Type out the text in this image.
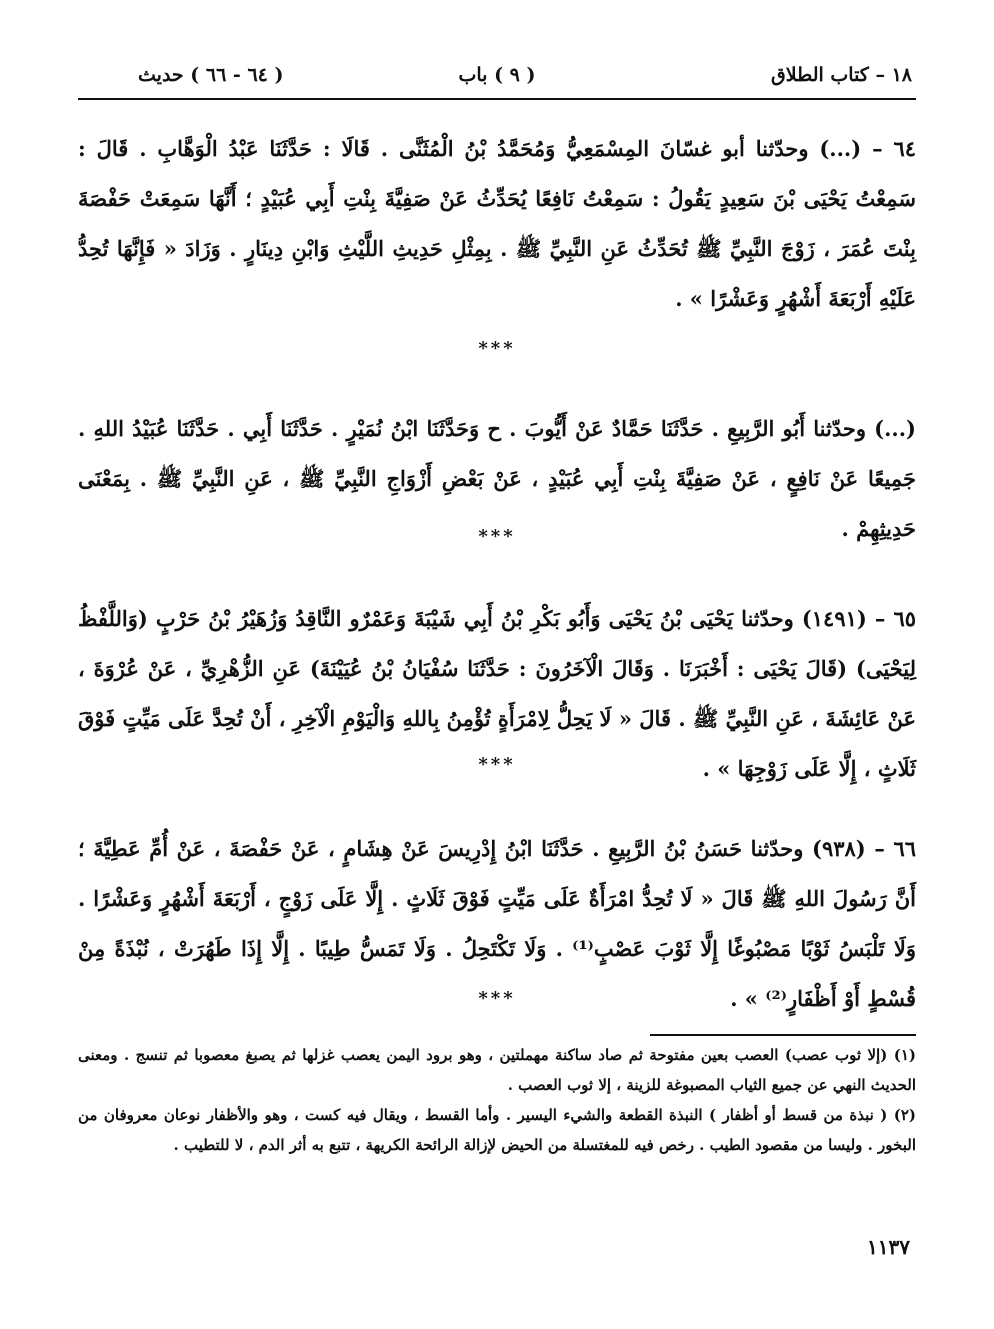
١٨ – كتاب الطلاق
( ٩ ) باب
( ٦٤ - ٦٦ ) حديث
٦٤ – (...) وحدّثنا أبو غسّانَ المِسْمَعِيُّ وَمُحَمَّدُ بْنُ الْمُثَنَّى . قَالَا : حَدَّثَنَا عَبْدُ الْوَهَّابِ . قَالَ : سَمِعْتُ يَحْيَى بْنَ سَعِيدٍ يَقُولُ : سَمِعْتُ نَافِعًا يُحَدِّثُ عَنْ صَفِيَّةَ بِنْتِ أَبِي عُبَيْدٍ ؛ أَنَّهَا سَمِعَتْ حَفْصَةَ بِنْتَ عُمَرَ ، زَوْجَ النَّبِيِّ ﷺ تُحَدِّثُ عَنِ النَّبِيِّ ﷺ . بِمِثْلِ حَدِيثِ اللَّيْثِ وَابْنِ دِينَارٍ . وَزَادَ « فَإِنَّهَا تُحِدُّ عَلَيْهِ أَرْبَعَةَ أَشْهُرٍ وَعَشْرًا » .
***
(...) وحدّثنا أَبُو الرَّبِيعِ . حَدَّثَنَا حَمَّادٌ عَنْ أَيُّوبَ . ح وَحَدَّثَنَا ابْنُ نُمَيْرٍ . حَدَّثَنَا أَبِي . حَدَّثَنَا عُبَيْدُ اللهِ . جَمِيعًا عَنْ نَافِعٍ ، عَنْ صَفِيَّةَ بِنْتِ أَبِي عُبَيْدٍ ، عَنْ بَعْضِ أَزْوَاجِ النَّبِيِّ ﷺ ، عَنِ النَّبِيِّ ﷺ . بِمَعْنَى حَدِيثِهِمْ .
***
٦٥ – (١٤٩١) وحدّثنا يَحْيَى بْنُ يَحْيَى وَأَبُو بَكْرِ بْنُ أَبِي شَيْبَةَ وَعَمْرٌو النَّاقِدُ وَزُهَيْرُ بْنُ حَرْبٍ (وَاللَّفْظُ لِيَحْيَى) (قَالَ يَحْيَى : أَخْبَرَنَا . وَقَالَ الْآخَرُونَ : حَدَّثَنَا سُفْيَانُ بْنُ عُيَيْنَةَ) عَنِ الزُّهْرِيِّ ، عَنْ عُرْوَةَ ، عَنْ عَائِشَةَ ، عَنِ النَّبِيِّ ﷺ . قَالَ « لَا يَحِلُّ لِامْرَأَةٍ تُؤْمِنُ بِاللهِ وَالْيَوْمِ الْآخِرِ ، أَنْ تُحِدَّ عَلَى مَيِّتٍ فَوْقَ ثَلَاثٍ ، إِلَّا عَلَى زَوْجِهَا » .
***
٦٦ – (٩٣٨) وحدّثنا حَسَنُ بْنُ الرَّبِيعِ . حَدَّثَنَا ابْنُ إِدْرِيسَ عَنْ هِشَامٍ ، عَنْ حَفْصَةَ ، عَنْ أُمِّ عَطِيَّةَ ؛ أَنَّ رَسُولَ اللهِ ﷺ قَالَ « لَا تُحِدُّ امْرَأَةٌ عَلَى مَيِّتٍ فَوْقَ ثَلَاثٍ . إِلَّا عَلَى زَوْجٍ ، أَرْبَعَةَ أَشْهُرٍ وَعَشْرًا . وَلَا تَلْبَسُ ثَوْبًا مَصْبُوغًا إِلَّا ثَوْبَ عَصْبٍ⁽¹⁾ . وَلَا تَكْتَحِلُ . وَلَا تَمَسُّ طِيبًا . إِلَّا إِذَا طَهُرَتْ ، نُبْذَةً مِنْ قُسْطٍ أَوْ أَظْفَارٍ⁽²⁾ » .
***

(١) (إلا ثوب عصب) العصب بعين مفتوحة ثم صاد ساكنة مهملتين ، وهو برود اليمن يعصب غزلها ثم يصبغ معصوبا ثم تنسج . ومعنى الحديث النهي عن جميع الثياب المصبوغة للزينة ، إلا ثوب العصب .

(٢) ( نبذة من قسط أو أظفار ) النبذة القطعة والشيء اليسير . وأما القسط ، ويقال فيه كست ، وهو والأظفار نوعان معروفان من البخور . وليسا من مقصود الطيب . رخص فيه للمغتسلة من الحيض لإزالة الرائحة الكريهة ، تتبع به أثر الدم ، لا للتطيب .

١١٣٧
